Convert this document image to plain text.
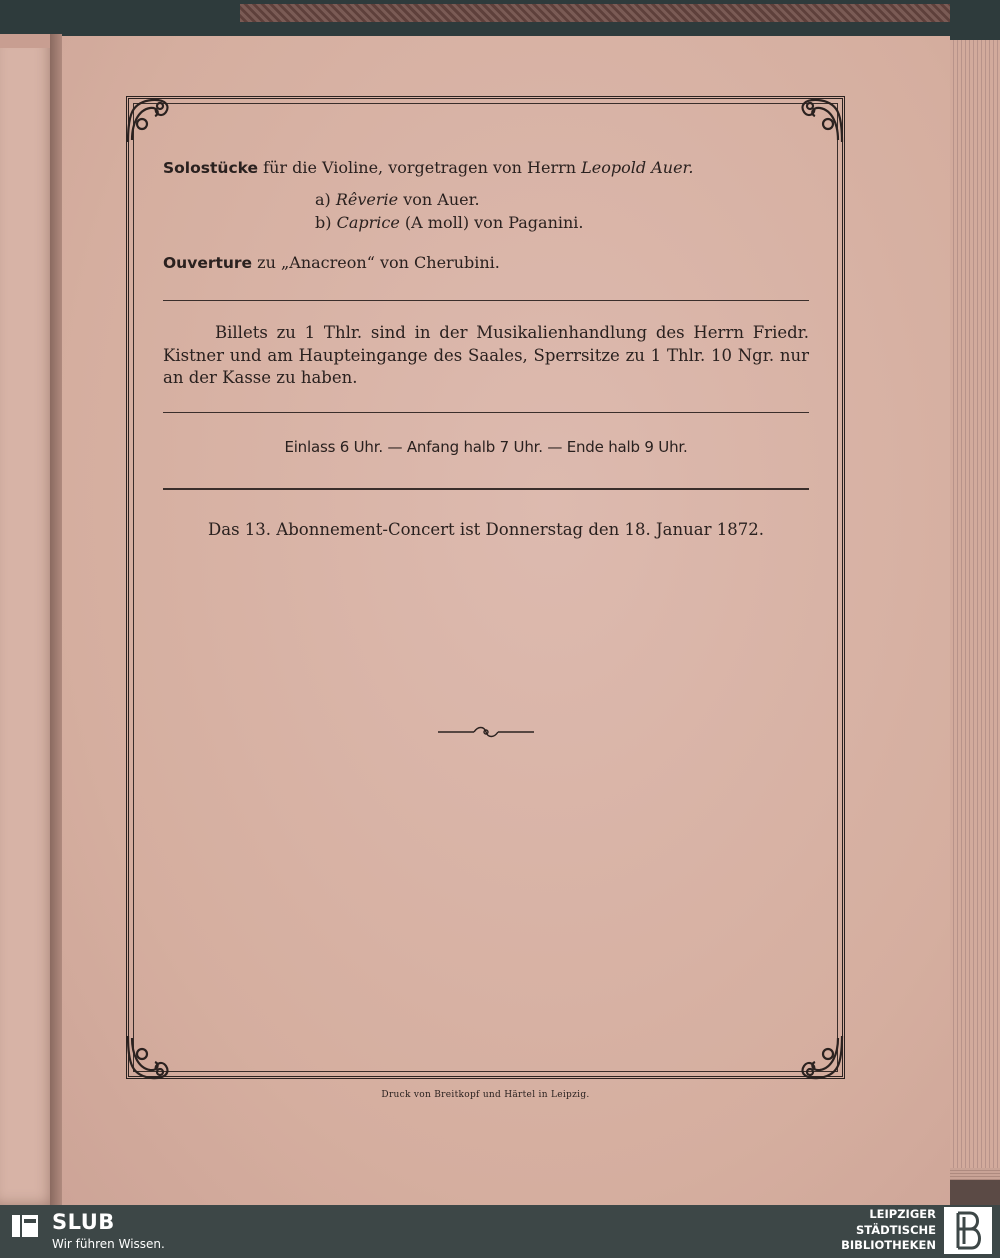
Solostücke für die Violine, vorgetragen von Herrn Leopold Auer.
a) Rêverie von Auer.
b) Caprice (A moll) von Paganini.
Ouverture zu „Anacreon“ von Cherubini.

Billets zu 1 Thlr. sind in der Musikalienhandlung des Herrn Friedr. Kistner und am Haupteingange des Saales, Sperrsitze zu 1 Thlr. 10 Ngr. nur an der Kasse zu haben.

Einlass 6 Uhr. — Anfang halb 7 Uhr. — Ende halb 9 Uhr.
Das 13. Abonnement-Concert ist Donnerstag den 18. Januar 1872.
Druck von Breitkopf und Härtel in Leipzig.
SLUB
Wir führen Wissen.
LEIPZIGER
STÄDTISCHE
BIBLIOTHEKEN
